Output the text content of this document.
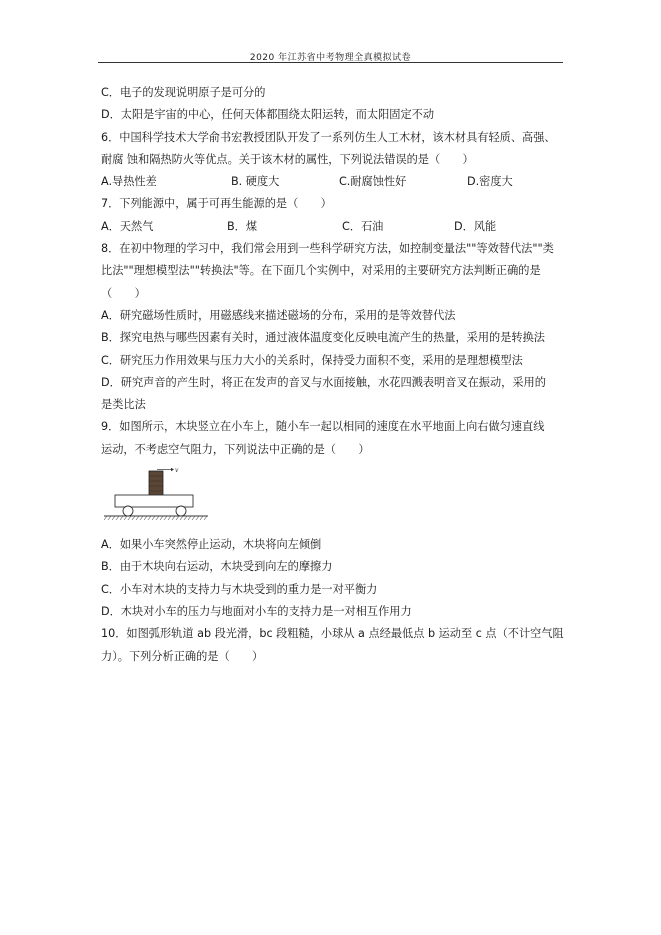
2020 年江苏省中考物理全真模拟试卷
C．电子的发现说明原子是可分的
D．太阳是宇宙的中心，任何天体都围绕太阳运转，而太阳固定不动
6．中国科学技术大学俞书宏教授团队开发了一系列仿生人工木材，该木材具有轻质、高强、
耐腐 蚀和隔热防火等优点。关于该木材的属性，下列说法错误的是（　　）
A.导热性差	B. 硬度大	C.耐腐蚀性好	D.密度大
7．下列能源中，属于可再生能源的是（　　）
A．天然气	B．煤	C．石油	D．风能
8．在初中物理的学习中，我们常会用到一些科学研究方法，如控制变量法""等效替代法""类
比法""理想模型法""转换法"等。在下面几个实例中，对采用的主要研究方法判断正确的是
（　　）
A．研究磁场性质时，用磁感线来描述磁场的分布，采用的是等效替代法
B．探究电热与哪些因素有关时，通过液体温度变化反映电流产生的热量，采用的是转换法
C．研究压力作用效果与压力大小的关系时，保持受力面积不变，采用的是理想模型法
D．研究声音的产生时，将正在发声的音叉与水面接触，水花四溅表明音叉在振动，采用的
是类比法
9．如图所示，木块竖立在小车上，随小车一起以相同的速度在水平地面上向右做匀速直线
运动，不考虑空气阻力，下列说法中正确的是（　　）
v
A．如果小车突然停止运动，木块将向左倾倒
B．由于木块向右运动，木块受到向左的摩擦力
C．小车对木块的支持力与木块受到的重力是一对平衡力
D．木块对小车的压力与地面对小车的支持力是一对相互作用力
10．如图弧形轨道 ab 段光滑，bc 段粗糙，小球从 a 点经最低点 b 运动至 c 点（不计空气阻
力）。下列分析正确的是（　　）
